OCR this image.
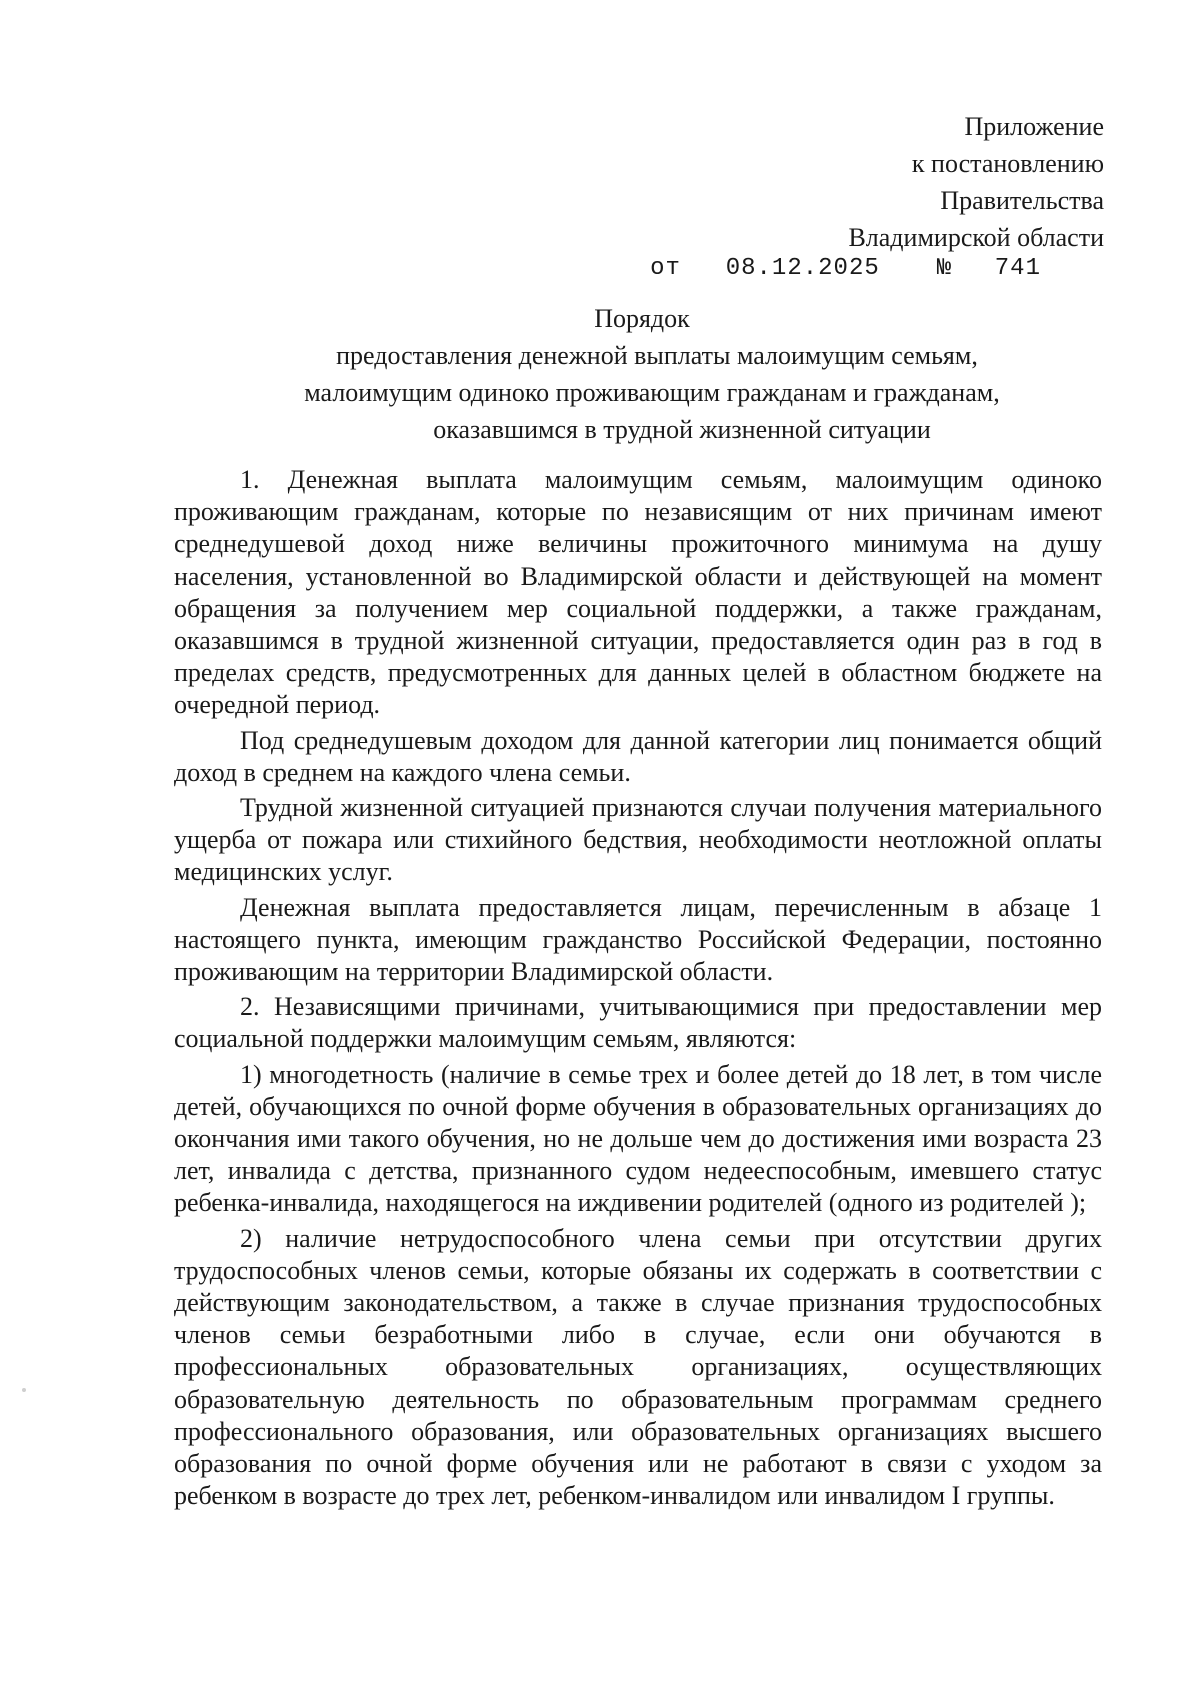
Приложение
к постановлению
Правительства
Владимирской области
от 08.12.2025 № 741
Порядок
предоставления денежной выплаты малоимущим семьям,
малоимущим одиноко проживающим гражданам и гражданам,
оказавшимся в трудной жизненной ситуации

1. Денежная выплата малоимущим семьям, малоимущим одиноко проживающим гражданам, которые по независящим от них причинам имеют среднедушевой доход ниже величины прожиточного минимума на душу населения, установленной во Владимирской области и действующей на момент обращения за получением мер социальной поддержки, а также гражданам, оказавшимся в трудной жизненной ситуации, предоставляется один раз в год в пределах средств, предусмотренных для данных целей в областном бюджете на очередной период.

Под среднедушевым доходом для данной категории лиц понимается общий доход в среднем на каждого члена семьи.

Трудной жизненной ситуацией признаются случаи получения материального ущерба от пожара или стихийного бедствия, необходимости неотложной оплаты медицинских услуг.

Денежная выплата предоставляется лицам, перечисленным в абзаце 1 настоящего пункта, имеющим гражданство Российской Федерации, постоянно проживающим на территории Владимирской области.

2. Независящими причинами, учитывающимися при предоставлении мер социальной поддержки малоимущим семьям, являются:

1) многодетность (наличие в семье трех и более детей до 18 лет, в том числе детей, обучающихся по очной форме обучения в образовательных организациях до окончания ими такого обучения, но не дольше чем до достижения ими возраста 23 лет, инвалида с детства, признанного судом недееспособным, имевшего статус ребенка-инвалида, находящегося на иждивении родителей (одного из родителей );

2) наличие нетрудоспособного члена семьи при отсутствии других трудоспособных членов семьи, которые обязаны их содержать в соответствии с действующим законодательством, а также в случае признания трудоспособных членов семьи безработными либо в случае, если они обучаются в профессиональных образовательных организациях, осуществляющих образовательную деятельность по образовательным программам среднего профессионального образования, или образовательных организациях высшего образования по очной форме обучения или не работают в связи с уходом за ребенком в возрасте до трех лет, ребенком-инвалидом или инвалидом I группы.
